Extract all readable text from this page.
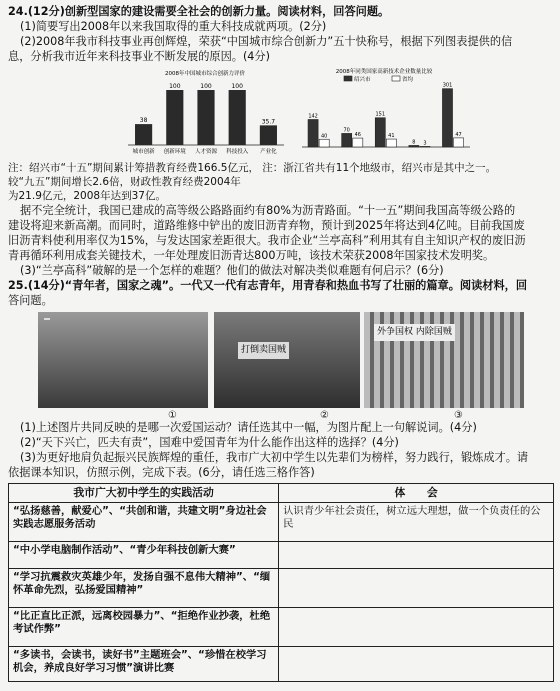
24.(12分)创新型国家的建设需要全社会的创新力量。阅读材料，回答问题。

(1)简要写出2008年以来我国取得的重大科技成就两项。(2分)

(2)2008年我市科技事业再创辉煌，荣获“中国城市综合创新力”五十快称号，根据下列图表提供的信

息，分析我市近年来科技事业不断发展的原因。(4分)

2008年中国城市综合创新力评价
38
城市创新
100
创新环境
100
人才资源
100
科技投入
35.7
产业化
2008年同类国家高新技术企业数量比较
绍兴市	省均
142
40
70
46
151
41
8 3
301
47

注：绍兴市“十五”期间累计筹措教育经费166.5亿元， 注：浙江省共有11个地级市，绍兴市是其中之一。

较“九五”期间增长2.6倍，财政性教育经费2004年

为21.9亿元，2008年达到37亿。

据不完全统计，我国已建成的高等级公路路面约有80%为沥青路面。“十一五”期间我国高等级公路的

建设将迎来新高潮。而同时，道路维修中铲出的废旧沥青弃物，预计到2025年将达到4亿吨。目前我国废

旧沥青料使利用率仅为15%，与发达国家差距很大。我市企业“兰亭高科”利用其有自主知识产权的废旧沥

青再循环利用成套关键技术，一年处理废旧沥青达800万吨，该技术荣获2008年国家技术发明奖。

(3)“兰亭高科”破解的是一个怎样的难题？他们的做法对解决类似难题有何启示？(6分)

25.(14分)“青年者，国家之魂”。一代又一代有志青年，用青春和热血书写了壮丽的篇章。阅读材料，回

答问题。

打倒卖国贼
外争国权 内除国贼
①	②	③

(1)上述图片共同反映的是哪一次爱国运动？请任选其中一幅，为图片配上一句解说词。(4分)

(2)“天下兴亡，匹夫有责”，国难中爱国青年为什么能作出这样的选择？(4分)

(3)为更好地肩负起振兴民族辉煌的重任，我市广大初中学生以先辈们为榜样，努力践行，锻炼成才。请

依据课本知识，仿照示例，完成下表。(6分，请任选三格作答)

我市广大初中学生的实践活动	体　　会
“弘扬慈善，献爱心”、“共创和谐，共建文明”身边社会实践志愿服务活动	认识青少年社会责任，树立远大理想，做一个负责任的公民
“中小学电脑制作活动”、“青少年科技创新大赛”	
“学习抗震救灾英雄少年，发扬自强不息伟大精神”、“缅怀革命先烈，弘扬爱国精神”	
“比正直比正派，远离校园暴力”、“拒绝作业抄袭，杜绝考试作弊”	
“多读书，会读书，读好书”主题班会”、“珍惜在校学习机会，养成良好学习习惯”演讲比赛	
